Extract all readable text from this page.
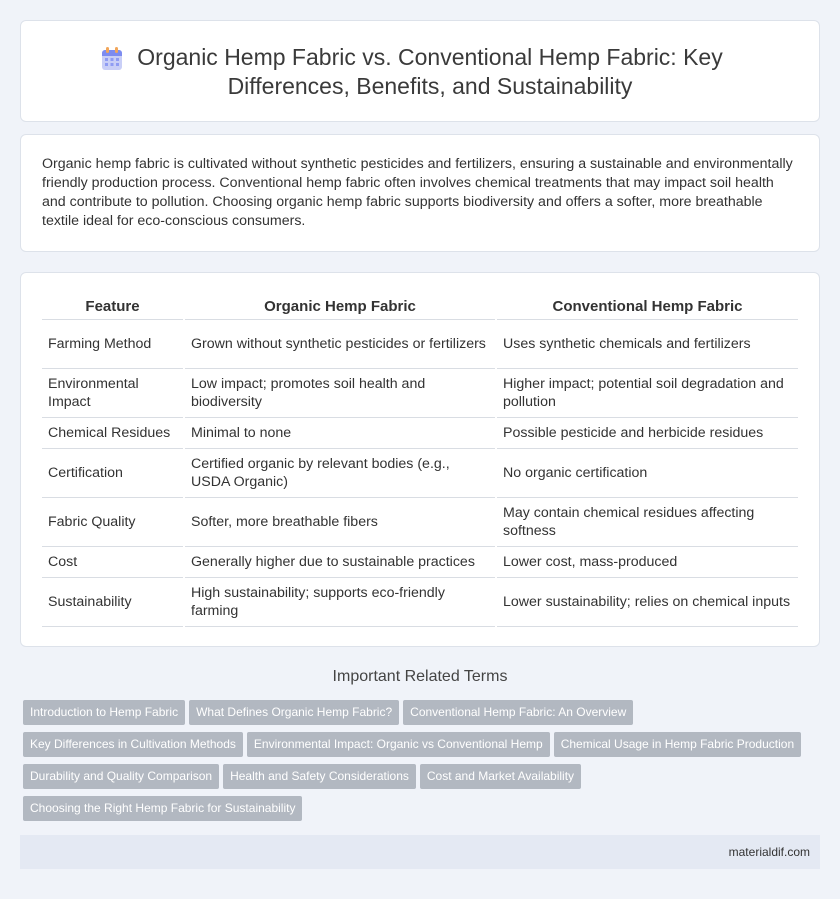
Organic Hemp Fabric vs. Conventional Hemp Fabric: Key Differences, Benefits, and Sustainability

Organic hemp fabric is cultivated without synthetic pesticides and fertilizers, ensuring a sustainable and environmentally friendly production process. Conventional hemp fabric often involves chemical treatments that may impact soil health and contribute to pollution. Choosing organic hemp fabric supports biodiversity and offers a softer, more breathable textile ideal for eco-conscious consumers.

Feature	Organic Hemp Fabric	Conventional Hemp Fabric
Farming Method	Grown without synthetic pesticides or fertilizers	Uses synthetic chemicals and fertilizers
Environmental Impact	Low impact; promotes soil health and biodiversity	Higher impact; potential soil degradation and pollution
Chemical Residues	Minimal to none	Possible pesticide and herbicide residues
Certification	Certified organic by relevant bodies (e.g., USDA Organic)	No organic certification
Fabric Quality	Softer, more breathable fibers	May contain chemical residues affecting softness
Cost	Generally higher due to sustainable practices	Lower cost, mass-produced
Sustainability	High sustainability; supports eco-friendly farming	Lower sustainability; relies on chemical inputs
Important Related Terms
Introduction to Hemp Fabric What Defines Organic Hemp Fabric? Conventional Hemp Fabric: An Overview
Key Differences in Cultivation Methods Environmental Impact: Organic vs Conventional Hemp Chemical Usage in Hemp Fabric Production
Durability and Quality Comparison Health and Safety Considerations Cost and Market Availability
Choosing the Right Hemp Fabric for Sustainability
materialdif.com
